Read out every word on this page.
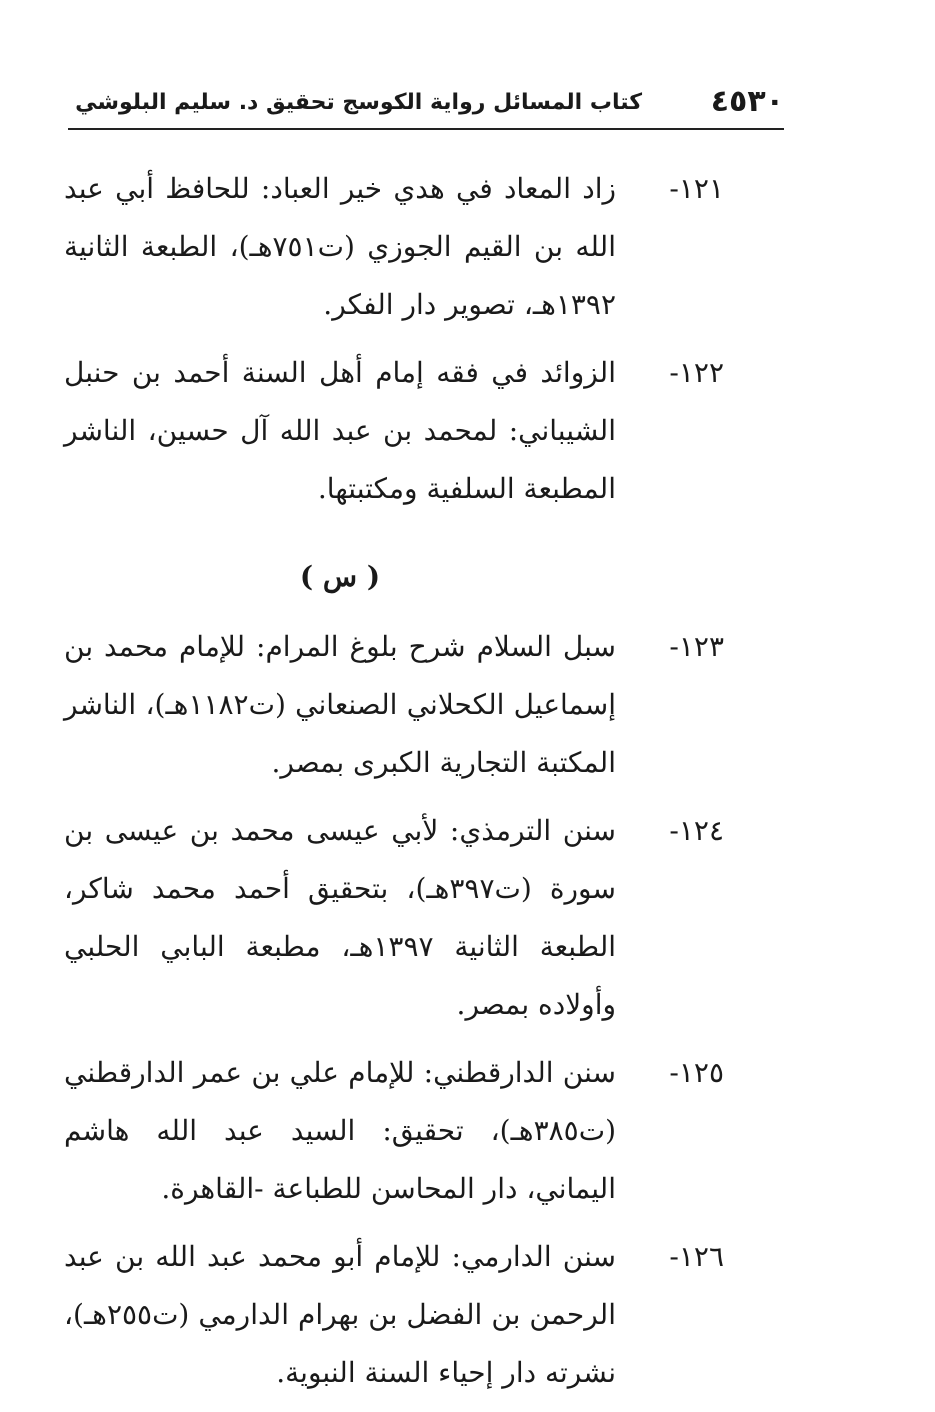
٤٥٣٠
كتاب المسائل رواية الكوسج تحقيق د. سليم البلوشي
١٢١-
زاد المعاد في هدي خير العباد: للحافظ أبي عبد الله بن القيم الجوزي (ت٧٥١هـ)، الطبعة الثانية ١٣٩٢هـ، تصوير دار الفكر.
١٢٢-
الزوائد في فقه إمام أهل السنة أحمد بن حنبل الشيباني: لمحمد بن عبد الله آل حسين، الناشر المطبعة السلفية ومكتبتها.
( س )
١٢٣-
سبل السلام شرح بلوغ المرام: للإمام محمد بن إسماعيل الكحلاني الصنعاني (ت١١٨٢هـ)، الناشر المكتبة التجارية الكبرى بمصر.
١٢٤-
سنن الترمذي: لأبي عيسى محمد بن عيسى بن سورة (ت٣٩٧هـ)، بتحقيق أحمد محمد شاكر، الطبعة الثانية ١٣٩٧هـ، مطبعة البابي الحلبي وأولاده بمصر.
١٢٥-
سنن الدارقطني: للإمام علي بن عمر الدارقطني (ت٣٨٥هـ)، تحقيق: السيد عبد الله هاشم اليماني، دار المحاسن للطباعة -القاهرة.
١٢٦-
سنن الدارمي: للإمام أبو محمد عبد الله بن عبد الرحمن بن الفضل بن بهرام الدارمي (ت٢٥٥هـ)، نشرته دار إحياء السنة النبوية.
